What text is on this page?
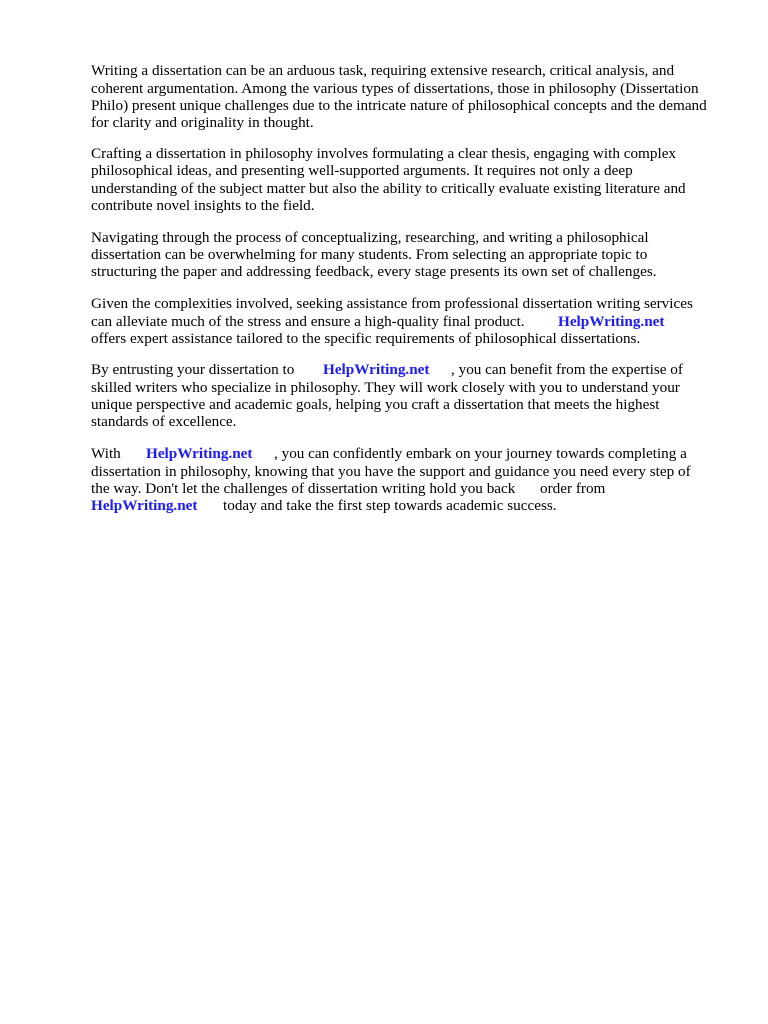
Writing a dissertation can be an arduous task, requiring extensive research, critical analysis, and

coherent argumentation. Among the various types of dissertations, those in philosophy (Dissertation

Philo) present unique challenges due to the intricate nature of philosophical concepts and the demand

for clarity and originality in thought.

Crafting a dissertation in philosophy involves formulating a clear thesis, engaging with complex

philosophical ideas, and presenting well-supported arguments. It requires not only a deep

understanding of the subject matter but also the ability to critically evaluate existing literature and

contribute novel insights to the field.

Navigating through the process of conceptualizing, researching, and writing a philosophical

dissertation can be overwhelming for many students. From selecting an appropriate topic to

structuring the paper and addressing feedback, every stage presents its own set of challenges.

Given the complexities involved, seeking assistance from professional dissertation writing services

can alleviate much of the stress and ensure a high-quality final product. HelpWriting.net

offers expert assistance tailored to the specific requirements of philosophical dissertations.

By entrusting your dissertation to HelpWriting.net , you can benefit from the expertise of

skilled writers who specialize in philosophy. They will work closely with you to understand your

unique perspective and academic goals, helping you craft a dissertation that meets the highest

standards of excellence.

With HelpWriting.net , you can confidently embark on your journey towards completing a

dissertation in philosophy, knowing that you have the support and guidance you need every step of

the way. Don't let the challenges of dissertation writing hold you back order from

HelpWriting.net today and take the first step towards academic success.
